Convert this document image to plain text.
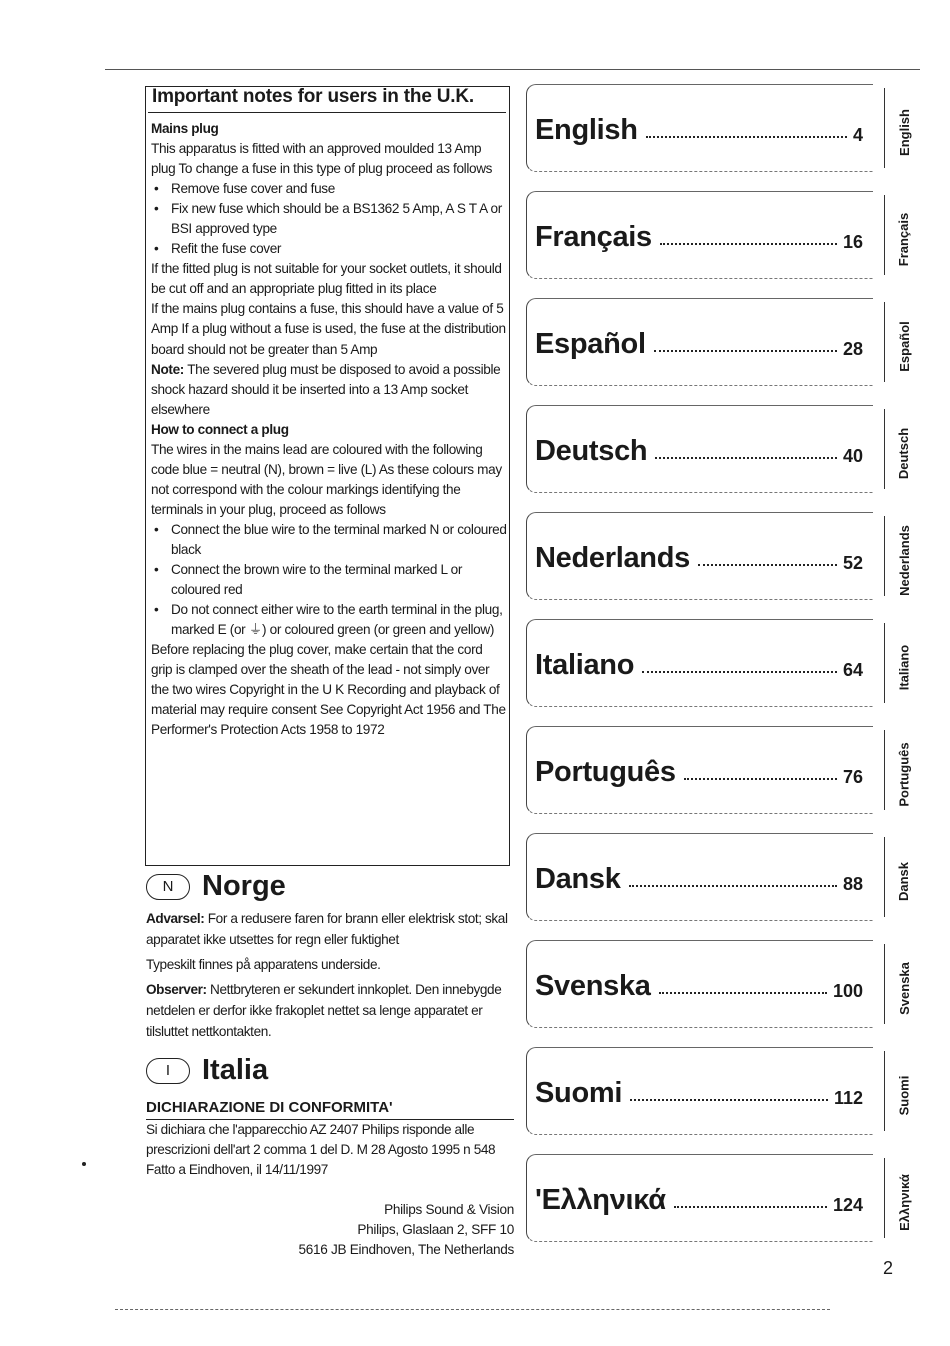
Important notes for users in the U.K.

Mains plug

This apparatus is fitted with an approved moulded 13 Amp plug To change a fuse in this type of plug proceed as follows

• Remove fuse cover and fuse
• Fix new fuse which should be a BS1362 5 Amp, A S T A or BSI approved type
• Refit the fuse cover

If the fitted plug is not suitable for your socket outlets, it should be cut off and an appropriate plug fitted in its place

If the mains plug contains a fuse, this should have a value of 5 Amp If a plug without a fuse is used, the fuse at the distribution board should not be greater than 5 Amp

Note: The severed plug must be disposed to avoid a possible shock hazard should it be inserted into a 13 Amp socket elsewhere

How to connect a plug

The wires in the mains lead are coloured with the following code blue = neutral (N), brown = live (L) As these colours may not correspond with the colour markings identifying the terminals in your plug, proceed as follows

• Connect the blue wire to the terminal marked N or coloured black
• Connect the brown wire to the terminal marked L or coloured red
• Do not connect either wire to the earth terminal in the plug, marked E (or ⏚) or coloured green (or green and yellow)

Before replacing the plug cover, make certain that the cord grip is clamped over the sheath of the lead - not simply over the two wires Copyright in the U K Recording and playback of material may require consent See Copyright Act 1956 and The Performer's Protection Acts 1958 to 1972

N Norge

Advarsel: For a redusere faren for brann eller elektrisk stot; skal apparatet ikke utsettes for regn eller fuktighet

Typeskilt finnes på apparatens underside.

Observer: Nettbryteren er sekundert innkoplet. Den innebygde netdelen er derfor ikke frakoplet nettet sa lenge apparatet er tilsluttet nettkontakten.

I	Italia
DICHIARAZIONE DI CONFORMITA'

Si dichiara che l'apparecchio AZ 2407 Philips risponde alle prescrizioni dell'art 2 comma 1 del D. M 28 Agosto 1995 n 548

Fatto a Eindhoven, il 14/11/1997

Philips Sound & Vision
Philips, Glaslaan 2, SFF 10
5616 JB Eindhoven, The Netherlands
English	4
Français	16
Español	28
Deutsch	40
Nederlands	52
Italiano	64
Português	76
Dansk	88
Svenska	100
Suomi	112
'Ελληνικά	124
English
Français
Español
Deutsch
Nederlands
Italiano
Português
Dansk
Svenska
Suomi
Ελληνικά
2
